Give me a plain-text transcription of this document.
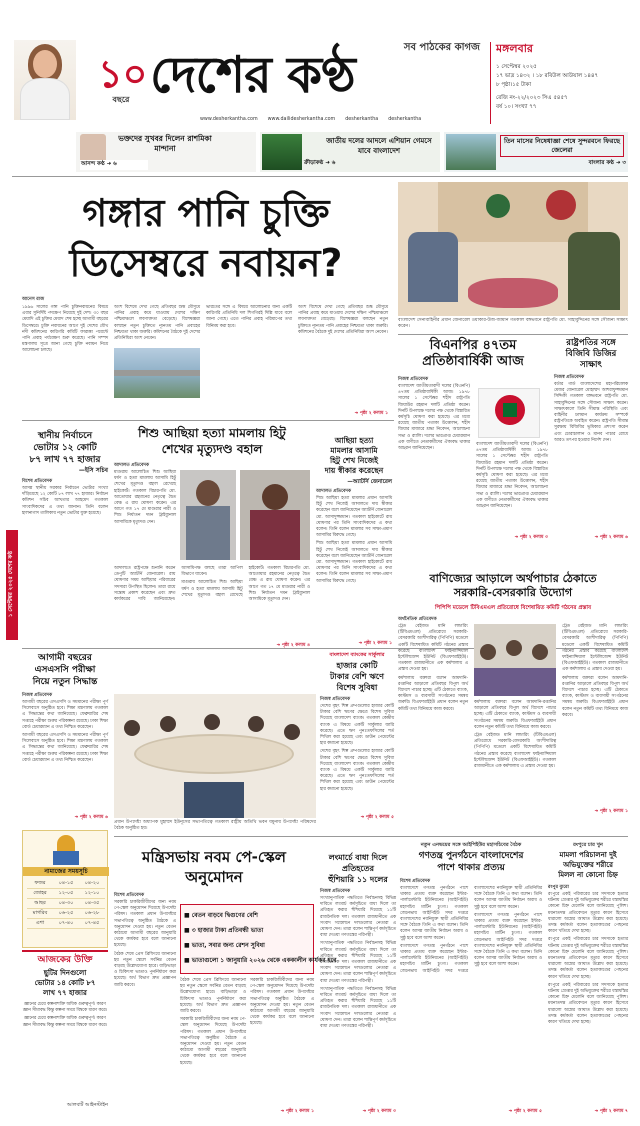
১০
বছরে দেশের কণ্ঠ	সব পাঠকের কাগজ
www.desherkantha.com www.dailidesherkantha.com desherkantha desherkantha
মঙ্গলবার
১ সেপ্টেম্বর ২০২৫
১৭ ভাদ্র ১৪৩২ । ১৮ রবিউল আউয়াল ১৪৪৭
৮ পৃষ্ঠা।১৫ টাকা
রেজি নং-২২/২০২৩ সিএ ৫৪৫৭
বর্ষ ১০। সংখ্যা ৭৭
ভক্তদের সুখবর দিলেন রাশমিকা মান্দানা
আনন্দ কণ্ঠ ➜ ৬
জাতীয় দলের আদলে এশিয়ান গেমসে যাবে বাংলাদেশ
ক্রীড়াকণ্ঠ ➜ ৬
তিন মাসের নিষেধাজ্ঞা শেষে সুন্দরবনে ফিরছে জেলেরা
বাংলার কণ্ঠ ➜ ৩
১ সেপ্টেম্বর ২০২৫ দেশের কণ্ঠ
গঙ্গার পানি চুক্তি
ডিসেম্বরে নবায়ন?
আনেস রাজ

১৯৯৬ সালের গঙ্গা পানি চুক্তিনবায়নের বিষয়ে এবার সুনির্দিষ্ট পদক্ষেপ নিয়েছে দুই দেশ। ৩০ বছর মেয়াদি এই চুক্তির মেয়াদ শেষ হচ্ছে আগামী বছরের ডিসেম্বরে। চুক্তি নবায়নের আগে দুই দেশের যৌথ নদী কমিশনের কারিগরি কমিটি ফারাক্কা পয়েন্টে পানি প্রবাহ পর্যবেক্ষণ শুরু করেছে। পানি সম্পদ মন্ত্রণালয় সূত্রে জানা গেছে চুক্তি নবায়ন নিয়ে আলোচনা চলছে।

অংশ বিশেষে দেখা গেছে প্রতিবছর শুষ্ক মৌসুমে পানির প্রবাহ কমে যাওয়ায় দেশের দক্ষিণ পশ্চিমাঞ্চলে লবণাক্ততা বেড়েছে। বিশেষজ্ঞরা বলছেন নতুন চুক্তিতে ন্যূনতম পানি প্রবাহের নিশ্চয়তা থাকা জরুরি। কমিশনের বৈঠকে দুই দেশের প্রতিনিধিরা অংশ নেবেন।

ভারতের সঙ্গে এ বিষয়ে আলোচনার জন্য একটি কারিগরি প্রতিনিধি দল শিগগিরই দিল্লি যাবে বলে জানা গেছে। এতে পানির প্রবাহ পরিমাপের তথ্য বিনিময় করা হবে।

অংশ বিশেষে দেখা গেছে প্রতিবছর শুষ্ক মৌসুমে পানির প্রবাহ কমে যাওয়ায় দেশের দক্ষিণ পশ্চিমাঞ্চলে লবণাক্ততা বেড়েছে। বিশেষজ্ঞরা বলছেন নতুন চুক্তিতে ন্যূনতম পানি প্রবাহের নিশ্চয়তা থাকা জরুরি। কমিশনের বৈঠকে দুই দেশের প্রতিনিধিরা অংশ নেবেন।

➜ পৃষ্ঠা ২ কলাম ১
বাংলাদেশ সেনাবাহিনীর প্রধান জেনারেল ওয়াকার-উজ-জামান গতকাল বঙ্গভবনে রাষ্ট্রপতি মো. সাহাবুদ্দিনের সঙ্গে সৌজন্য সাক্ষাৎ করেন।
বিএনপির ৪৭তম
প্রতিষ্ঠাবার্ষিকী আজ
নিজস্ব প্রতিবেদক

বাংলাদেশ জাতীয়তাবাদী দলের (বিএনপি) ৪৭তম প্রতিষ্ঠাবার্ষিকী আজ। ১৯৭৮ সালের ১ সেপ্টেম্বর শহীদ রাষ্ট্রপতি জিয়াউর রহমান দলটি প্রতিষ্ঠা করেন। দিনটি উপলক্ষে দলের পক্ষ থেকে বিস্তারিত কর্মসূচি ঘোষণা করা হয়েছে। এর মধ্যে রয়েছে জাতীয় পতাকা উত্তোলন, শহীদ জিয়ার মাজারে শ্রদ্ধা নিবেদন, আলোচনা সভা ও র‍্যালি। দলের ভারপ্রাপ্ত চেয়ারম্যান এক বাণীতে নেতাকর্মীদের ঐক্যবদ্ধ থাকার আহ্বান জানিয়েছেন।

বাংলাদেশ জাতীয়তাবাদী দলের (বিএনপি) ৪৭তম প্রতিষ্ঠাবার্ষিকী আজ। ১৯৭৮ সালের ১ সেপ্টেম্বর শহীদ রাষ্ট্রপতি জিয়াউর রহমান দলটি প্রতিষ্ঠা করেন। দিনটি উপলক্ষে দলের পক্ষ থেকে বিস্তারিত কর্মসূচি ঘোষণা করা হয়েছে। এর মধ্যে রয়েছে জাতীয় পতাকা উত্তোলন, শহীদ জিয়ার মাজারে শ্রদ্ধা নিবেদন, আলোচনা সভা ও র‍্যালি। দলের ভারপ্রাপ্ত চেয়ারম্যান এক বাণীতে নেতাকর্মীদের ঐক্যবদ্ধ থাকার আহ্বান জানিয়েছেন।

➜ পৃষ্ঠা ২ কলাম ৩
রাষ্ট্রপতির সঙ্গে
বিজিবি ডিজির
সাক্ষাৎ
নিজস্ব প্রতিবেদক

বর্ডার গার্ড বাংলাদেশের মহাপরিচালক মেজর জেনারেল মোহাম্মদ আশরাফুজ্জামান সিদ্দিকী গতকাল বঙ্গভবনে রাষ্ট্রপতি মো. সাহাবুদ্দিনের সঙ্গে সৌজন্য সাক্ষাৎ করেন। সাক্ষাৎকালে তিনি সীমান্ত পরিস্থিতি এবং বাহিনীর চলমান কার্যক্রম সম্পর্কে রাষ্ট্রপতিকে অবহিত করেন। রাষ্ট্রপতি সীমান্ত সুরক্ষায় বিজিবির ভূমিকার প্রশংসা করেন এবং চোরাচালান ও মানব পাচার রোধে আরও তৎপর হওয়ার নির্দেশ দেন।

➜ পৃষ্ঠা ২ কলাম ৬
স্থানীয় নির্বাচনে
ভোটার ১২ কোটি
৮৭ লাখ ৭৭ হাজার
—ইসি সচিব
বিশেষ প্রতিবেদক

আসন্ন স্থানীয় সরকার নির্বাচনে ভোটার সংখ্যা দাঁড়িয়েছে ১২ কোটি ৮৭ লাখ ৭৭ হাজার। নির্বাচন কমিশন সচিব আখতার আহমেদ গতকাল সাংবাদিকদের এ তথ্য জানান। তিনি বলেন হালনাগাদ তালিকায় নতুন ভোটার যুক্ত হয়েছে।

শিশু আছিয়া হত্যা মামলায় হিটু
শেখের মৃত্যুদণ্ড বহাল
আদালত প্রতিবেদক

মাগুরায় আলোচিত শিশু আছিয়া ধর্ষণ ও হত্যা মামলায় আসামি হিটু শেখের মৃত্যুদণ্ড বহাল রেখেছে হাইকোর্ট। গতকাল বিচারপতি মো. আতোয়ার রহমানের নেতৃত্বে দ্বৈত বেঞ্চ এ রায় ঘোষণা করেন। এর আগে গত ১৭ মে মাগুরার নারী ও শিশু নির্যাতন দমন ট্রাইব্যুনাল আসামিকে মৃত্যুদণ্ড দেন।

আদালতে রাষ্ট্রপক্ষে শুনানি করেন ডেপুটি অ্যাটর্নি জেনারেল। রায় ঘোষণার সময় আছিয়ার পরিবারের সদস্যরা উপস্থিত ছিলেন। তারা রায়ে সন্তোষ প্রকাশ করেছেন এবং দ্রুত কার্যকরের দাবি জানিয়েছেন। আসামিপক্ষ বলছে তারা আপিল বিভাগে যাবেন।

মাগুরায় আলোচিত শিশু আছিয়া ধর্ষণ ও হত্যা মামলায় আসামি হিটু শেখের মৃত্যুদণ্ড বহাল রেখেছে হাইকোর্ট। গতকাল বিচারপতি মো. আতোয়ার রহমানের নেতৃত্বে দ্বৈত বেঞ্চ এ রায় ঘোষণা করেন। এর আগে গত ১৭ মে মাগুরার নারী ও শিশু নির্যাতন দমন ট্রাইব্যুনাল আসামিকে মৃত্যুদণ্ড দেন।

➜ পৃষ্ঠা ২ কলাম ৪
আছিয়া হত্যা
মামলার আসামি
হিটু শেখ নিজেই
দায় স্বীকার করেছেন
—অ্যাটর্নি জেনারেল
আদালত প্রতিবেদক

শিশু আছিয়া হত্যা মামলার প্রধান আসামি হিটু শেখ নিজেই আদালতে দায় স্বীকার করেছেন বলে জানিয়েছেন অ্যাটর্নি জেনারেল মো. আসাদুজ্জামান। গতকাল হাইকোর্টে রায় ঘোষণার পর তিনি সাংবাদিকদের এ কথা বলেন। তিনি বলেন মামলার সব সাক্ষ্য-প্রমাণ আসামির বিরুদ্ধে গেছে।

শিশু আছিয়া হত্যা মামলার প্রধান আসামি হিটু শেখ নিজেই আদালতে দায় স্বীকার করেছেন বলে জানিয়েছেন অ্যাটর্নি জেনারেল মো. আসাদুজ্জামান। গতকাল হাইকোর্টে রায় ঘোষণার পর তিনি সাংবাদিকদের এ কথা বলেন। তিনি বলেন মামলার সব সাক্ষ্য-প্রমাণ আসামির বিরুদ্ধে গেছে।

➜ পৃষ্ঠা ২ কলাম ১
আগামী বছরের
এসএসসি পরীক্ষা
নিয়ে নতুন সিদ্ধান্ত
নিজস্ব প্রতিবেদক

আগামী বছরের এসএসসি ও সমমানের পরীক্ষা পূর্ণ সিলেবাসে অনুষ্ঠিত হবে। শিক্ষা মন্ত্রণালয় গতকাল এ সিদ্ধান্তের কথা জানিয়েছে। ফেব্রুয়ারির শেষ সপ্তাহে পরীক্ষা শুরুর পরিকল্পনা রয়েছে। ঢাকা শিক্ষা বোর্ড চেয়ারম্যান এ তথ্য নিশ্চিত করেছেন।

আগামী বছরের এসএসসি ও সমমানের পরীক্ষা পূর্ণ সিলেবাসে অনুষ্ঠিত হবে। শিক্ষা মন্ত্রণালয় গতকাল এ সিদ্ধান্তের কথা জানিয়েছে। ফেব্রুয়ারির শেষ সপ্তাহে পরীক্ষা শুরুর পরিকল্পনা রয়েছে। ঢাকা শিক্ষা বোর্ড চেয়ারম্যান এ তথ্য নিশ্চিত করেছেন।

➜ পৃষ্ঠা ২ কলাম ৬
বাংলাদেশ ব্যাংকের সার্কুলার
হাজার কোটি
টাকার বেশি ঋণে
বিশেষ সুবিধা
নিজস্ব প্রতিবেদক

দেশের বৃহৎ শিল্প গ্রুপগুলোর হাজার কোটি টাকার বেশি ঋণের ক্ষেত্রে বিশেষ সুবিধা দিয়েছে বাংলাদেশ ব্যাংক। গতকাল কেন্দ্রীয় ব্যাংক এ বিষয়ে একটি সার্কুলার জারি করেছে। এতে ঋণ পুনঃতফসিলের শর্ত শিথিল করা হয়েছে এবং ডাউন পেমেন্টের হার কমানো হয়েছে।

দেশের বৃহৎ শিল্প গ্রুপগুলোর হাজার কোটি টাকার বেশি ঋণের ক্ষেত্রে বিশেষ সুবিধা দিয়েছে বাংলাদেশ ব্যাংক। গতকাল কেন্দ্রীয় ব্যাংক এ বিষয়ে একটি সার্কুলার জারি করেছে। এতে ঋণ পুনঃতফসিলের শর্ত শিথিল করা হয়েছে এবং ডাউন পেমেন্টের হার কমানো হয়েছে।

➜ পৃষ্ঠা ২ কলাম ৫
বাণিজ্যের আড়ালে অর্থপাচার ঠেকাতে
সরকারি-বেসরকারি উদ্যোগ
পিপিপি মডেলে টিবিএমএল প্রতিরোধে বিশেষায়িত কমিটি গঠনের প্রস্তাব
অর্থনৈতিক প্রতিবেদক

ট্রেড বেইজড মানি লন্ডারিং (টিবিএমএল) প্রতিরোধে সরকারি-বেসরকারি অংশীদারিত্ব (পিপিপি) মডেলে একটি বিশেষায়িত কমিটি গঠনের প্রস্তাব করেছে বাংলাদেশ ফাইন্যান্সিয়াল ইন্টেলিজেন্স ইউনিট (বিএফআইইউ)। গতকাল রাজধানীতে এক কর্মশালায় এ প্রস্তাব দেওয়া হয়।

কর্মশালায় বক্তারা বলেন আমদানি-রপ্তানির আড়ালে প্রতিবছর বিপুল অর্থ বিদেশে পাচার হচ্ছে। এটি ঠেকাতে ব্যাংক, কাস্টমস ও ব্যবসায়ী সংগঠনের সমন্বয় জরুরি। বিএফআইইউ প্রধান বলেন নতুন কমিটি তথ্য বিনিময়ে কাজ করবে।

কর্মশালায় বক্তারা বলেন আমদানি-রপ্তানির আড়ালে প্রতিবছর বিপুল অর্থ বিদেশে পাচার হচ্ছে। এটি ঠেকাতে ব্যাংক, কাস্টমস ও ব্যবসায়ী সংগঠনের সমন্বয় জরুরি। বিএফআইইউ প্রধান বলেন নতুন কমিটি তথ্য বিনিময়ে কাজ করবে।

ট্রেড বেইজড মানি লন্ডারিং (টিবিএমএল) প্রতিরোধে সরকারি-বেসরকারি অংশীদারিত্ব (পিপিপি) মডেলে একটি বিশেষায়িত কমিটি গঠনের প্রস্তাব করেছে বাংলাদেশ ফাইন্যান্সিয়াল ইন্টেলিজেন্স ইউনিট (বিএফআইইউ)। গতকাল রাজধানীতে এক কর্মশালায় এ প্রস্তাব দেওয়া হয়।

ট্রেড বেইজড মানি লন্ডারিং (টিবিএমএল) প্রতিরোধে সরকারি-বেসরকারি অংশীদারিত্ব (পিপিপি) মডেলে একটি বিশেষায়িত কমিটি গঠনের প্রস্তাব করেছে বাংলাদেশ ফাইন্যান্সিয়াল ইন্টেলিজেন্স ইউনিট (বিএফআইইউ)। গতকাল রাজধানীতে এক কর্মশালায় এ প্রস্তাব দেওয়া হয়।

কর্মশালায় বক্তারা বলেন আমদানি-রপ্তানির আড়ালে প্রতিবছর বিপুল অর্থ বিদেশে পাচার হচ্ছে। এটি ঠেকাতে ব্যাংক, কাস্টমস ও ব্যবসায়ী সংগঠনের সমন্বয় জরুরি। বিএফআইইউ প্রধান বলেন নতুন কমিটি তথ্য বিনিময়ে কাজ করবে।

➜ পৃষ্ঠা ২ কলাম ১
প্রধান উপদেষ্টা অধ্যাপক মুহাম্মদ ইউনূসের সভাপতিত্বে গতকাল রাষ্ট্রীয় অতিথি ভবন যমুনায় উপদেষ্টা পরিষদের বৈঠক অনুষ্ঠিত হয়।
নামাজের সময়সূচি
ফজর	০৪-১৫	০৪-২০
জোহর	১২-০৫	১২-১০
আছর	০৪-৩০	০৪-৩৫
মাগরিব	০৬-২৫	০৬-২৮
এশা	০৭-৪০	০৭-৪৫
আজকের উক্তি
ছুটির দিনগুলো
ভোটার ১৪ কোটি ৮৭
লাখ ৭৭ হাজার

জ্ঞানের চেয়ে কল্পনাশক্তি অধিক গুরুত্বপূর্ণ। কারণ জ্ঞান সীমাবদ্ধ কিন্তু কল্পনা সমগ্র বিশ্বকে ধারণ করে।

জ্ঞানের চেয়ে কল্পনাশক্তি অধিক গুরুত্বপূর্ণ। কারণ জ্ঞান সীমাবদ্ধ কিন্তু কল্পনা সমগ্র বিশ্বকে ধারণ করে।

আলবার্ট আইনস্টাইন
মন্ত্রিসভায় নবম পে-স্কেল
অনুমোদন
বিশেষ প্রতিবেদক

সরকারি চাকরিজীবীদের জন্য নবম পে-স্কেল অনুমোদন দিয়েছে উপদেষ্টা পরিষদ। গতকাল প্রধান উপদেষ্টার সভাপতিত্বে অনুষ্ঠিত বৈঠকে এ অনুমোদন দেওয়া হয়। নতুন বেতন কাঠামো আগামী বছরের জানুয়ারি থেকে কার্যকর হবে বলে জানানো হয়েছে।

বৈঠক শেষে প্রেস ব্রিফিংয়ে জানানো হয় নতুন স্কেলে সর্বনিম্ন বেতন বাড়ছে উল্লেখযোগ্য হারে। বাড়িভাড়া ও চিকিৎসা ভাতাও পুনর্নির্ধারণ করা হয়েছে। অর্থ বিভাগ দ্রুত প্রজ্ঞাপন জারি করবে।

■ বেতন বাড়বে দ্বিগুণের বেশি
■ ৩ হাজার টাকা প্রতিবন্ধী ভাতা
■ ভাতা, সবার জন্য রেশন সুবিধা
■ ভাতাগুলো ১ জানুয়ারি ২০২৬ থেকে এককালীন কার্যকর হবে

বৈঠক শেষে প্রেস ব্রিফিংয়ে জানানো হয় নতুন স্কেলে সর্বনিম্ন বেতন বাড়ছে উল্লেখযোগ্য হারে। বাড়িভাড়া ও চিকিৎসা ভাতাও পুনর্নির্ধারণ করা হয়েছে। অর্থ বিভাগ দ্রুত প্রজ্ঞাপন জারি করবে।

সরকারি চাকরিজীবীদের জন্য নবম পে-স্কেল অনুমোদন দিয়েছে উপদেষ্টা পরিষদ। গতকাল প্রধান উপদেষ্টার সভাপতিত্বে অনুষ্ঠিত বৈঠকে এ অনুমোদন দেওয়া হয়। নতুন বেতন কাঠামো আগামী বছরের জানুয়ারি থেকে কার্যকর হবে বলে জানানো হয়েছে।

সরকারি চাকরিজীবীদের জন্য নবম পে-স্কেল অনুমোদন দিয়েছে উপদেষ্টা পরিষদ। গতকাল প্রধান উপদেষ্টার সভাপতিত্বে অনুষ্ঠিত বৈঠকে এ অনুমোদন দেওয়া হয়। নতুন বেতন কাঠামো আগামী বছরের জানুয়ারি থেকে কার্যকর হবে বলে জানানো হয়েছে।

➜ পৃষ্ঠা ২ কলাম ১
লংমার্চে বাধা দিলে
প্রতিহতের
হুঁশিয়ারি ১১ দলের
নিজস্ব প্রতিবেদক

সংখ্যানুপাতিক পদ্ধতিতে নির্বাচনসহ বিভিন্ন দাবিতে লংমার্চ কর্মসূচিতে বাধা দিলে তা প্রতিহত করার হুঁশিয়ারি দিয়েছে ১১টি রাজনৈতিক দল। গতকাল রাজধানীতে এক সংবাদ সম্মেলনে দলগুলোর নেতারা এ ঘোষণা দেন। তারা বলেন শান্তিপূর্ণ কর্মসূচিতে বাধা দেওয়া গণতন্ত্রের পরিপন্থী।

সংখ্যানুপাতিক পদ্ধতিতে নির্বাচনসহ বিভিন্ন দাবিতে লংমার্চ কর্মসূচিতে বাধা দিলে তা প্রতিহত করার হুঁশিয়ারি দিয়েছে ১১টি রাজনৈতিক দল। গতকাল রাজধানীতে এক সংবাদ সম্মেলনে দলগুলোর নেতারা এ ঘোষণা দেন। তারা বলেন শান্তিপূর্ণ কর্মসূচিতে বাধা দেওয়া গণতন্ত্রের পরিপন্থী।

সংখ্যানুপাতিক পদ্ধতিতে নির্বাচনসহ বিভিন্ন দাবিতে লংমার্চ কর্মসূচিতে বাধা দিলে তা প্রতিহত করার হুঁশিয়ারি দিয়েছে ১১টি রাজনৈতিক দল। গতকাল রাজধানীতে এক সংবাদ সম্মেলনে দলগুলোর নেতারা এ ঘোষণা দেন। তারা বলেন শান্তিপূর্ণ কর্মসূচিতে বাধা দেওয়া গণতন্ত্রের পরিপন্থী।

➜ পৃষ্ঠা ২ কলাম ৩
নতুন এনভয়ের সঙ্গে আইপিইউর মহাসচিবের বৈঠক
গণতন্ত্র পুনর্গঠনে বাংলাদেশের
পাশে থাকার প্রত্যয়
বিশেষ প্রতিবেদক

বাংলাদেশে গণতন্ত্র পুনর্গঠনে পাশে থাকার প্রত্যয় ব্যক্ত করেছেন ইন্টার-পার্লামেন্টারি ইউনিয়নের (আইপিইউ) মহাসচিব মার্টিন চুংগং। গতকাল জেনেভায় আইপিইউ সদর দপ্তরে বাংলাদেশের নবনিযুক্ত স্থায়ী প্রতিনিধির সঙ্গে বৈঠকে তিনি এ কথা বলেন। তিনি বলেন আসন্ন জাতীয় নির্বাচন অবাধ ও সুষ্ঠু হবে বলে আশা করেন।

বাংলাদেশে গণতন্ত্র পুনর্গঠনে পাশে থাকার প্রত্যয় ব্যক্ত করেছেন ইন্টার-পার্লামেন্টারি ইউনিয়নের (আইপিইউ) মহাসচিব মার্টিন চুংগং। গতকাল জেনেভায় আইপিইউ সদর দপ্তরে বাংলাদেশের নবনিযুক্ত স্থায়ী প্রতিনিধির সঙ্গে বৈঠকে তিনি এ কথা বলেন। তিনি বলেন আসন্ন জাতীয় নির্বাচন অবাধ ও সুষ্ঠু হবে বলে আশা করেন।

বাংলাদেশে গণতন্ত্র পুনর্গঠনে পাশে থাকার প্রত্যয় ব্যক্ত করেছেন ইন্টার-পার্লামেন্টারি ইউনিয়নের (আইপিইউ) মহাসচিব মার্টিন চুংগং। গতকাল জেনেভায় আইপিইউ সদর দপ্তরে বাংলাদেশের নবনিযুক্ত স্থায়ী প্রতিনিধির সঙ্গে বৈঠকে তিনি এ কথা বলেন। তিনি বলেন আসন্ন জাতীয় নির্বাচন অবাধ ও সুষ্ঠু হবে বলে আশা করেন।

➜ পৃষ্ঠা ২ কলাম ৫
রংপুরে চার খুন
মামলা পরিচালনা দুই
অভিযুক্তের শরীরে
মিলল না কোনো চিহ্ন
রংপুর ব্যুরো

রংপুরে একই পরিবারের চার সদস্যকে হত্যার ঘটনায় গ্রেপ্তার দুই অভিযুক্তের শরীরে ধস্তাধস্তির কোনো চিহ্ন মেলেনি বলে জানিয়েছে পুলিশ। ময়নাতদন্ত প্রতিবেদনে মৃত্যুর কারণ হিসেবে ধারালো অস্ত্রের আঘাত উল্লেখ করা হয়েছে। তদন্ত কর্মকর্তা বলেন হত্যাকাণ্ডের পেছনের কারণ খতিয়ে দেখা হচ্ছে।

রংপুরে একই পরিবারের চার সদস্যকে হত্যার ঘটনায় গ্রেপ্তার দুই অভিযুক্তের শরীরে ধস্তাধস্তির কোনো চিহ্ন মেলেনি বলে জানিয়েছে পুলিশ। ময়নাতদন্ত প্রতিবেদনে মৃত্যুর কারণ হিসেবে ধারালো অস্ত্রের আঘাত উল্লেখ করা হয়েছে। তদন্ত কর্মকর্তা বলেন হত্যাকাণ্ডের পেছনের কারণ খতিয়ে দেখা হচ্ছে।

রংপুরে একই পরিবারের চার সদস্যকে হত্যার ঘটনায় গ্রেপ্তার দুই অভিযুক্তের শরীরে ধস্তাধস্তির কোনো চিহ্ন মেলেনি বলে জানিয়েছে পুলিশ। ময়নাতদন্ত প্রতিবেদনে মৃত্যুর কারণ হিসেবে ধারালো অস্ত্রের আঘাত উল্লেখ করা হয়েছে। তদন্ত কর্মকর্তা বলেন হত্যাকাণ্ডের পেছনের কারণ খতিয়ে দেখা হচ্ছে।

➜ পৃষ্ঠা ২ কলাম ৭
